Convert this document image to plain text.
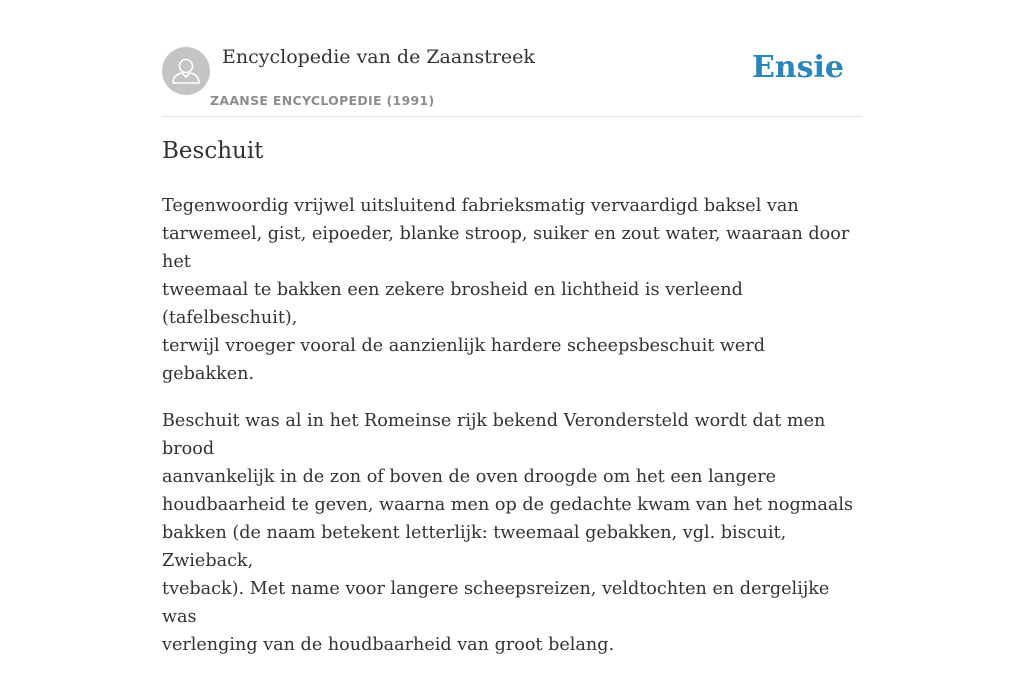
Encyclopedie van de Zaanstreek
ZAANSE ENCYCLOPEDIE (1991)
Ensie
Beschuit

Tegenwoordig vrijwel uitsluitend fabrieksmatig vervaardigd baksel van
tarwemeel, gist, eipoeder, blanke stroop, suiker en zout water, waaraan door het
tweemaal te bakken een zekere brosheid en lichtheid is verleend (tafelbeschuit),
terwijl vroeger vooral de aanzienlijk hardere scheepsbeschuit werd gebakken.

Beschuit was al in het Romeinse rijk bekend Verondersteld wordt dat men brood
aanvankelijk in de zon of boven de oven droogde om het een langere
houdbaarheid te geven, waarna men op de gedachte kwam van het nogmaals
bakken (de naam betekent letterlijk: tweemaal gebakken, vgl. biscuit, Zwieback,
tveback). Met name voor langere scheepsreizen, veldtochten en dergelijke was
verlenging van de houdbaarheid van groot belang.
